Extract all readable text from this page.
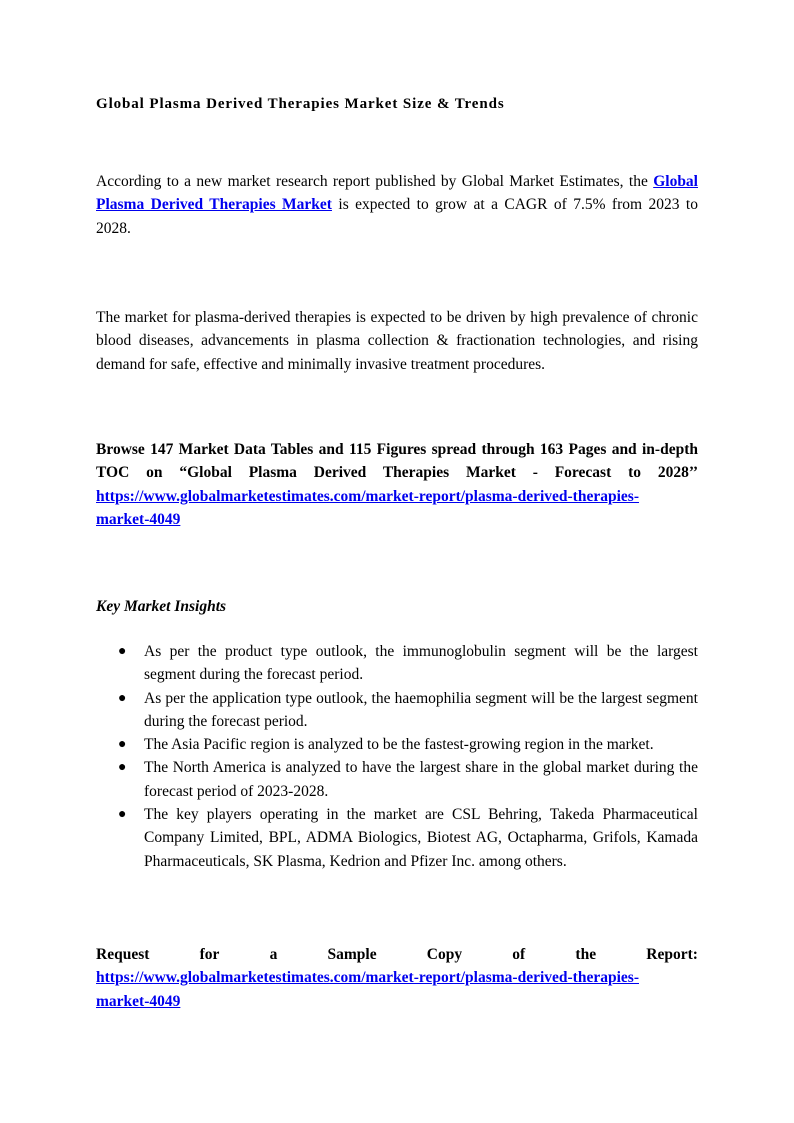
Global Plasma Derived Therapies Market Size & Trends

According to a new market research report published by Global Market Estimates, the Global Plasma Derived Therapies Market is expected to grow at a CAGR of 7.5% from 2023 to 2028.

The market for plasma-derived therapies is expected to be driven by high prevalence of chronic blood diseases, advancements in plasma collection & fractionation technologies, and rising demand for safe, effective and minimally invasive treatment procedures.

Browse 147 Market Data Tables and 115 Figures spread through 163 Pages and in-depth TOC on “Global Plasma Derived Therapies Market - Forecast to 2028’’ https://www.globalmarketestimates.com/market-report/plasma-derived-therapies-
market-4049

Key Market Insights
● As per the product type outlook, the immunoglobulin segment will be the largest segment during the forecast period.
● As per the application type outlook, the haemophilia segment will be the largest segment during the forecast period.
● The Asia Pacific region is analyzed to be the fastest-growing region in the market.
● The North America is analyzed to have the largest share in the global market during the forecast period of 2023-2028.
● The key players operating in the market are CSL Behring, Takeda Pharmaceutical Company Limited, BPL, ADMA Biologics, Biotest AG, Octapharma, Grifols, Kamada Pharmaceuticals, SK Plasma, Kedrion and Pfizer Inc. among others.
Request	for	a	Sample	Copy	of	the	Report:
https://www.globalmarketestimates.com/market-report/plasma-derived-therapies-
market-4049
